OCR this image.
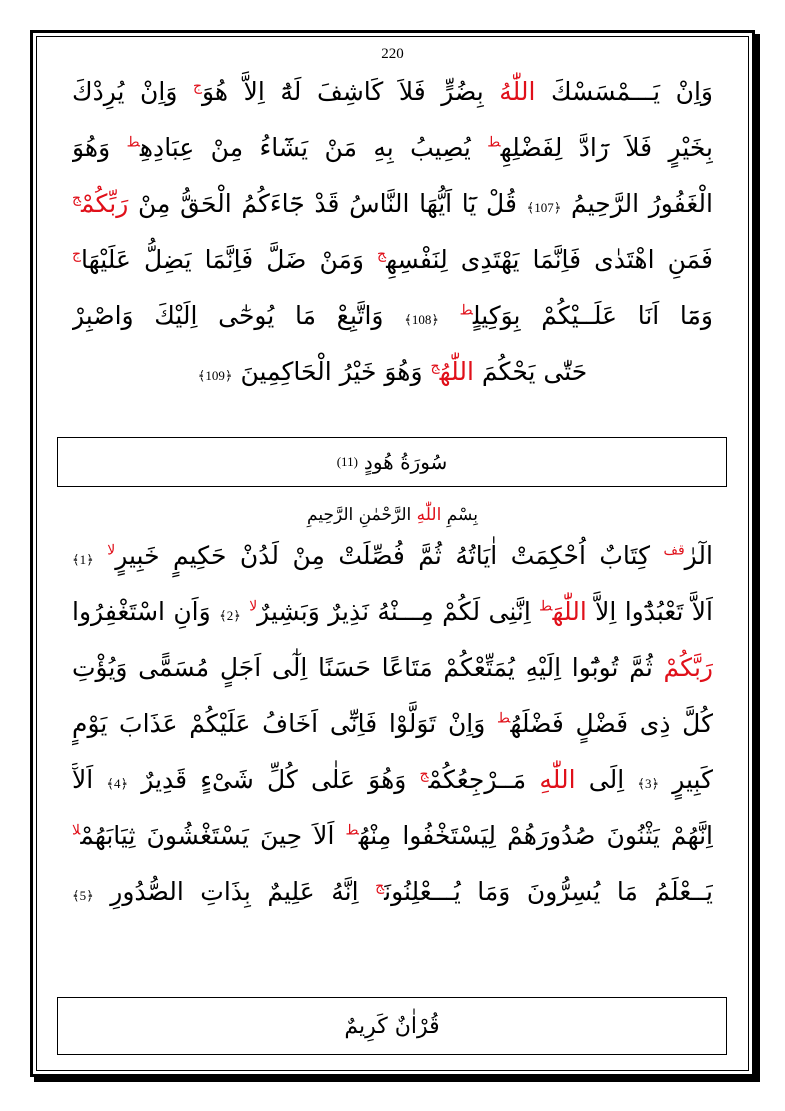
220
وَاِنْ يَـــمْسَسْكَ اللّٰهُ بِضُرٍّ فَلاَ كَاشِفَ لَهُٓ اِلاَّ هُوَ$^ج$ وَاِنْ يُرِدْكَ
بِخَيْرٍ فَلاَ رَٓادَّ لِفَضْلِهِ$^ط$ يُصِيبُ بِهِ مَنْ يَشَٓاءُ مِنْ عِبَادِهِ$^ط$ وَهُوَ
الْغَفُورُ الرَّحِيمُ ﴿107﴾ قُلْ يَٓا اَيُّهَا النَّاسُ قَدْ جَٓاءَكُمُ الْحَقُّ مِنْ رَبِّكُمْ$^ج$
فَمَنِ اهْتَدٰى فَاِنَّمَا يَهْتَدِى لِنَفْسِهِ$^ج$ وَمَنْ ضَلَّ فَاِنَّمَا يَضِلُّ عَلَيْهَا$^ج$
وَمَٓا اَنَا عَلَــيْكُمْ بِوَكِيلٍ$^ط$ ﴿108﴾ وَاتَّبِعْ مَا يُوحٰٓى اِلَيْكَ وَاصْبِرْ
حَتّٰى يَحْكُمَ اللّٰهُ$^ج$ وَهُوَ خَيْرُ الْحَاكِمِينَ ﴿109﴾
سُورَةُ هُودٍ
(11)
بِسْمِ اللّٰهِ الرَّحْمٰنِ الرَّحِيمِ
الٓرٰ$^{قف}$ كِتَابٌ اُحْكِمَتْ اٰيَاتُهُ ثُمَّ فُصِّلَتْ مِنْ لَدُنْ حَكِيمٍ خَبِيرٍ$^{لا}$ ﴿1﴾
اَلاَّ تَعْبُدُٓوا اِلاَّ اللّٰهَ$^ط$ اِنَّنِى لَكُمْ مِـــنْهُ نَذِيرٌ وَبَشِيرٌ$^{لا}$ ﴿2﴾ وَاَنِ اسْتَغْفِرُوا
رَبَّكُمْ ثُمَّ تُوبُٓوا اِلَيْهِ يُمَتِّعْكُمْ مَتَاعًا حَسَنًا اِلٰٓى اَجَلٍ مُسَمًّى وَيُؤْتِ
كُلَّ ذِى فَضْلٍ فَضْلَهُ$^ط$ وَاِنْ تَوَلَّوْا فَاِنِّٓى اَخَافُ عَلَيْكُمْ عَذَابَ يَوْمٍ
كَبِيرٍ ﴿3﴾ اِلَى اللّٰهِ مَــرْجِعُكُمْ$^ج$ وَهُوَ عَلٰى كُلِّ شَىْءٍ قَدِيرٌ ﴿4﴾ اَلآَ
اِنَّهُمْ يَثْنُونَ صُدُورَهُمْ لِيَسْتَخْفُوا مِنْهُ$^ط$ اَلاَ حِينَ يَسْتَغْشُونَ ثِيَابَهُمْ$^{لا}$
يَــعْلَمُ مَا يُسِرُّونَ وَمَا يُـــعْلِنُونَ$^ج$ اِنَّهُ عَلِيمٌ بِذَاتِ الصُّدُورِ ﴿5﴾
قُرْاٰنٌ كَرِيمٌ
